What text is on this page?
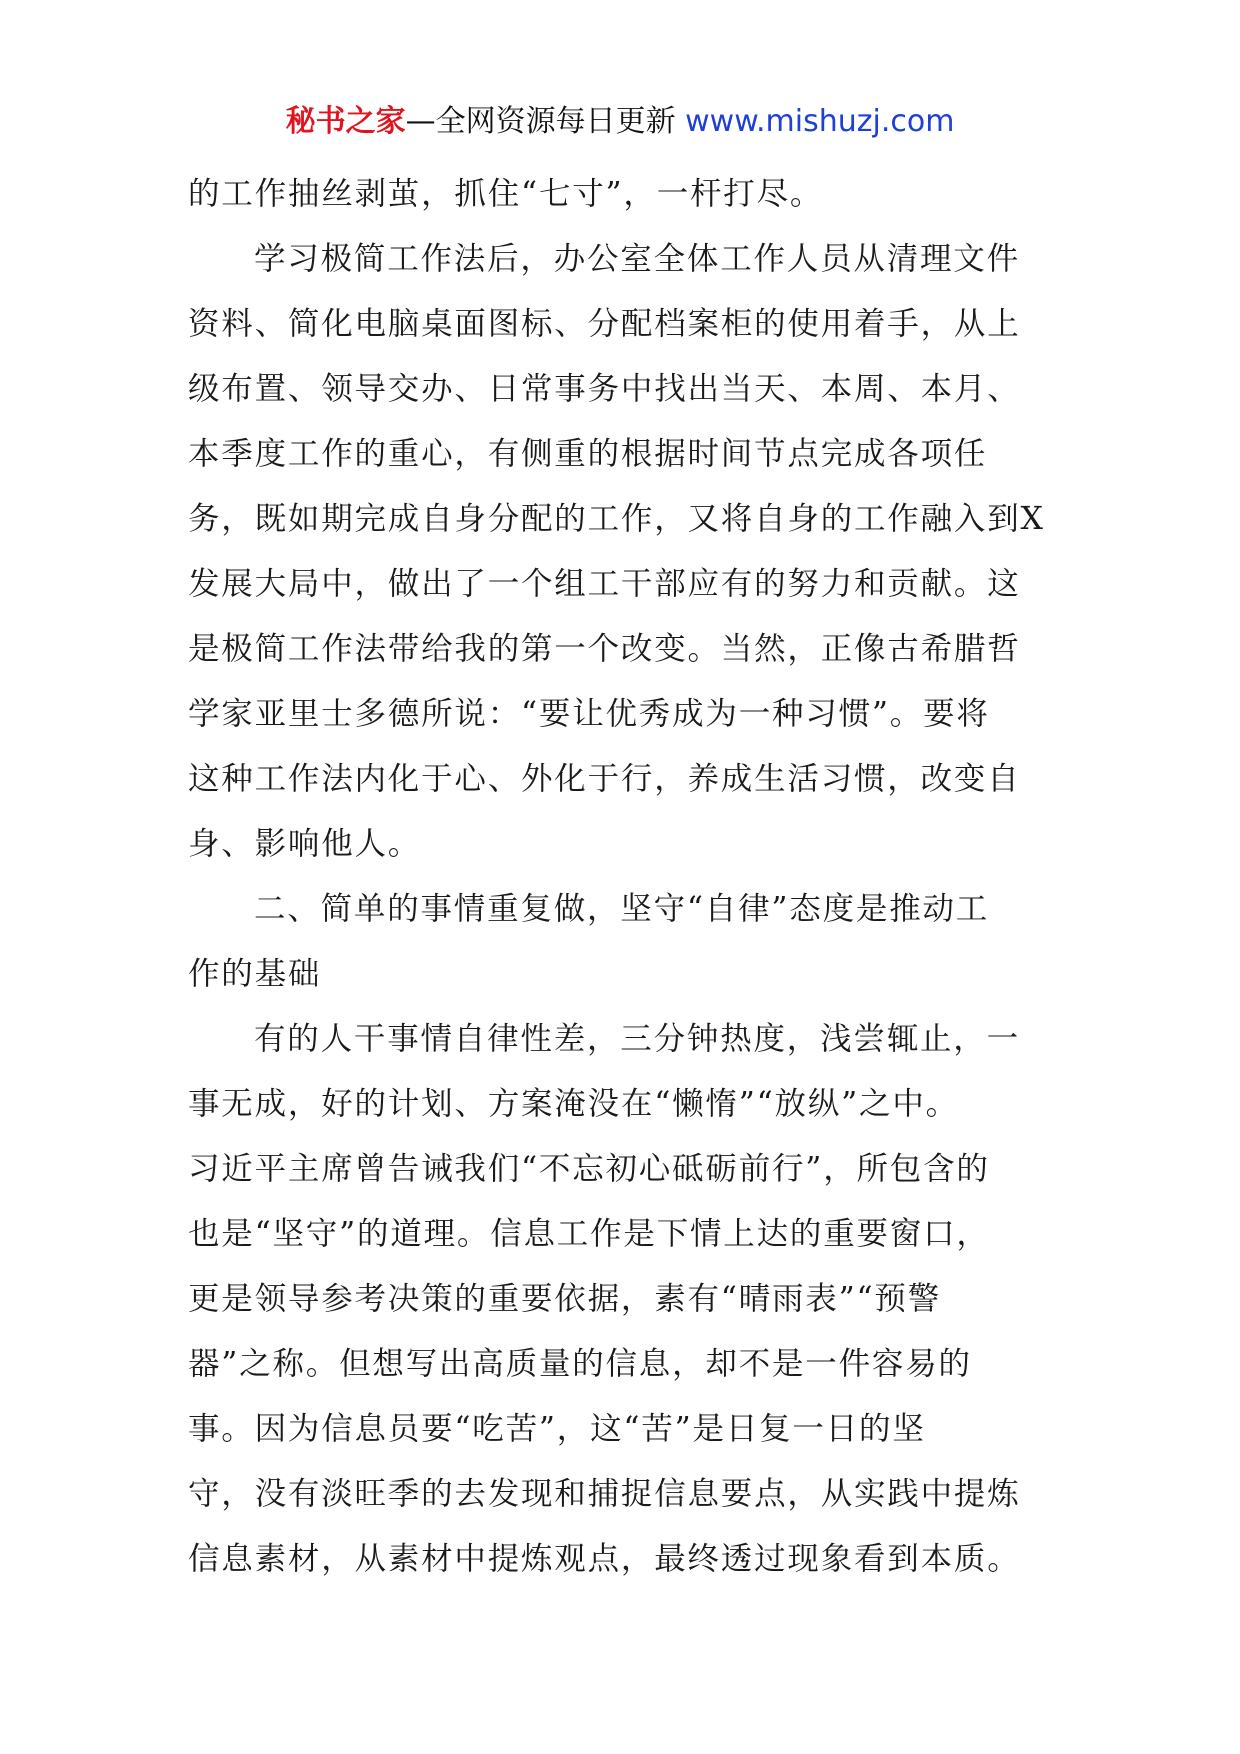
秘书之家—全网资源每日更新 www.mishuzj.com
的工作抽丝剥茧，抓住“七寸”，一杆打尽。
学习极简工作法后，办公室全体工作人员从清理文件
资料、简化电脑桌面图标、分配档案柜的使用着手，从上
级布置、领导交办、日常事务中找出当天、本周、本月、
本季度工作的重心，有侧重的根据时间节点完成各项任
务，既如期完成自身分配的工作，又将自身的工作融入到X
发展大局中，做出了一个组工干部应有的努力和贡献。这
是极简工作法带给我的第一个改变。当然，正像古希腊哲
学家亚里士多德所说：“要让优秀成为一种习惯”。要将
这种工作法内化于心、外化于行，养成生活习惯，改变自
身、影响他人。
二、简单的事情重复做，坚守“自律”态度是推动工
作的基础
有的人干事情自律性差，三分钟热度，浅尝辄止，一
事无成，好的计划、方案淹没在“懒惰”“放纵”之中。
习近平主席曾告诫我们“不忘初心砥砺前行”，所包含的
也是“坚守”的道理。信息工作是下情上达的重要窗口，
更是领导参考决策的重要依据，素有“晴雨表”“预警
器”之称。但想写出高质量的信息，却不是一件容易的
事。因为信息员要“吃苦”，这“苦”是日复一日的坚
守，没有淡旺季的去发现和捕捉信息要点，从实践中提炼
信息素材，从素材中提炼观点，最终透过现象看到本质。
